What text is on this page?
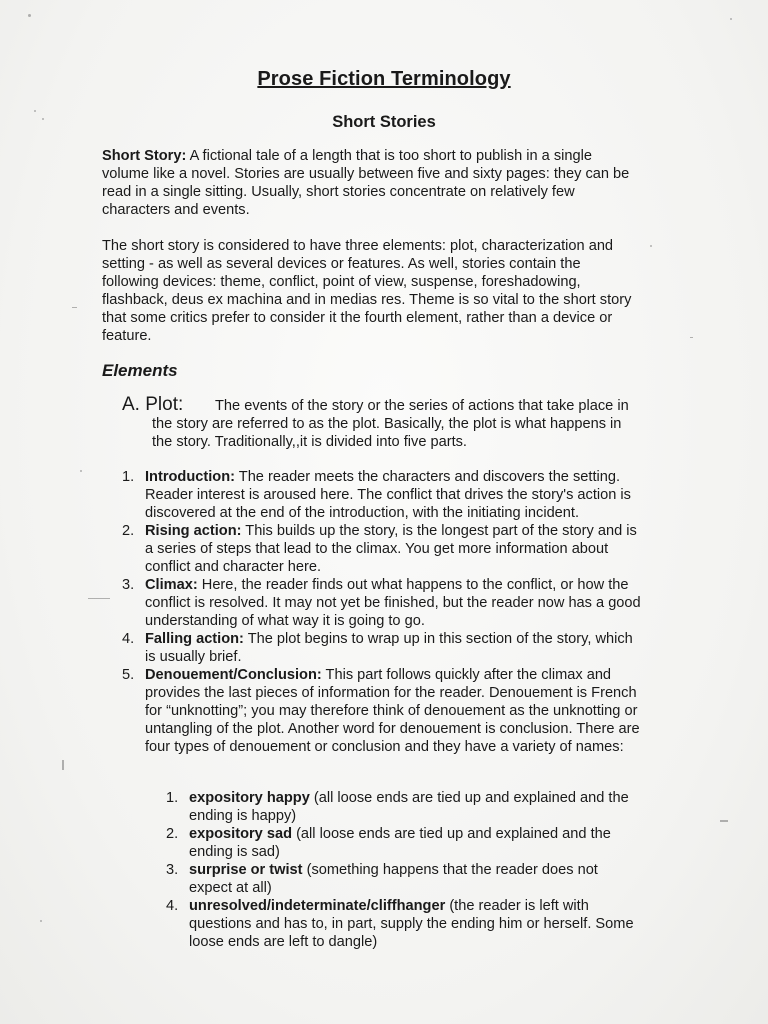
Prose Fiction Terminology
Short Stories
Short Story: A fictional tale of a length that is too short to publish in a single volume like a novel. Stories are usually between five and sixty pages: they can be read in a single sitting. Usually, short stories concentrate on relatively few characters and events.
The short story is considered to have three elements: plot, characterization and setting - as well as several devices or features. As well, stories contain the following devices: theme, conflict, point of view, suspense, foreshadowing, flashback, deus ex machina and in medias res. Theme is so vital to the short story that some critics prefer to consider it the fourth element, rather than a device or feature.
Elements
A. Plot:	The events of the story or the series of actions that take place in the story are referred to as the plot. Basically, the plot is what happens in the story. Traditionally,,it is divided into five parts.
1. Introduction: The reader meets the characters and discovers the setting. Reader interest is aroused here. The conflict that drives the story's action is discovered at the end of the introduction, with the initiating incident.
2. Rising action: This builds up the story, is the longest part of the story and is a series of steps that lead to the climax. You get more information about conflict and character here.
3. Climax: Here, the reader finds out what happens to the conflict, or how the conflict is resolved. It may not yet be finished, but the reader now has a good understanding of what way it is going to go.
4. Falling action: The plot begins to wrap up in this section of the story, which is usually brief.
5. Denouement/Conclusion: This part follows quickly after the climax and provides the last pieces of information for the reader. Denouement is French for “unknotting”; you may therefore think of denouement as the unknotting or untangling of the plot. Another word for denouement is conclusion. There are four types of denouement or conclusion and they have a variety of names:
1. expository happy (all loose ends are tied up and explained and the ending is happy)
2. expository sad (all loose ends are tied up and explained and the ending is sad)
3. surprise or twist (something happens that the reader does not expect at all)
4. unresolved/indeterminate/cliffhanger (the reader is left with questions and has to, in part, supply the ending him or herself. Some loose ends are left to dangle)
